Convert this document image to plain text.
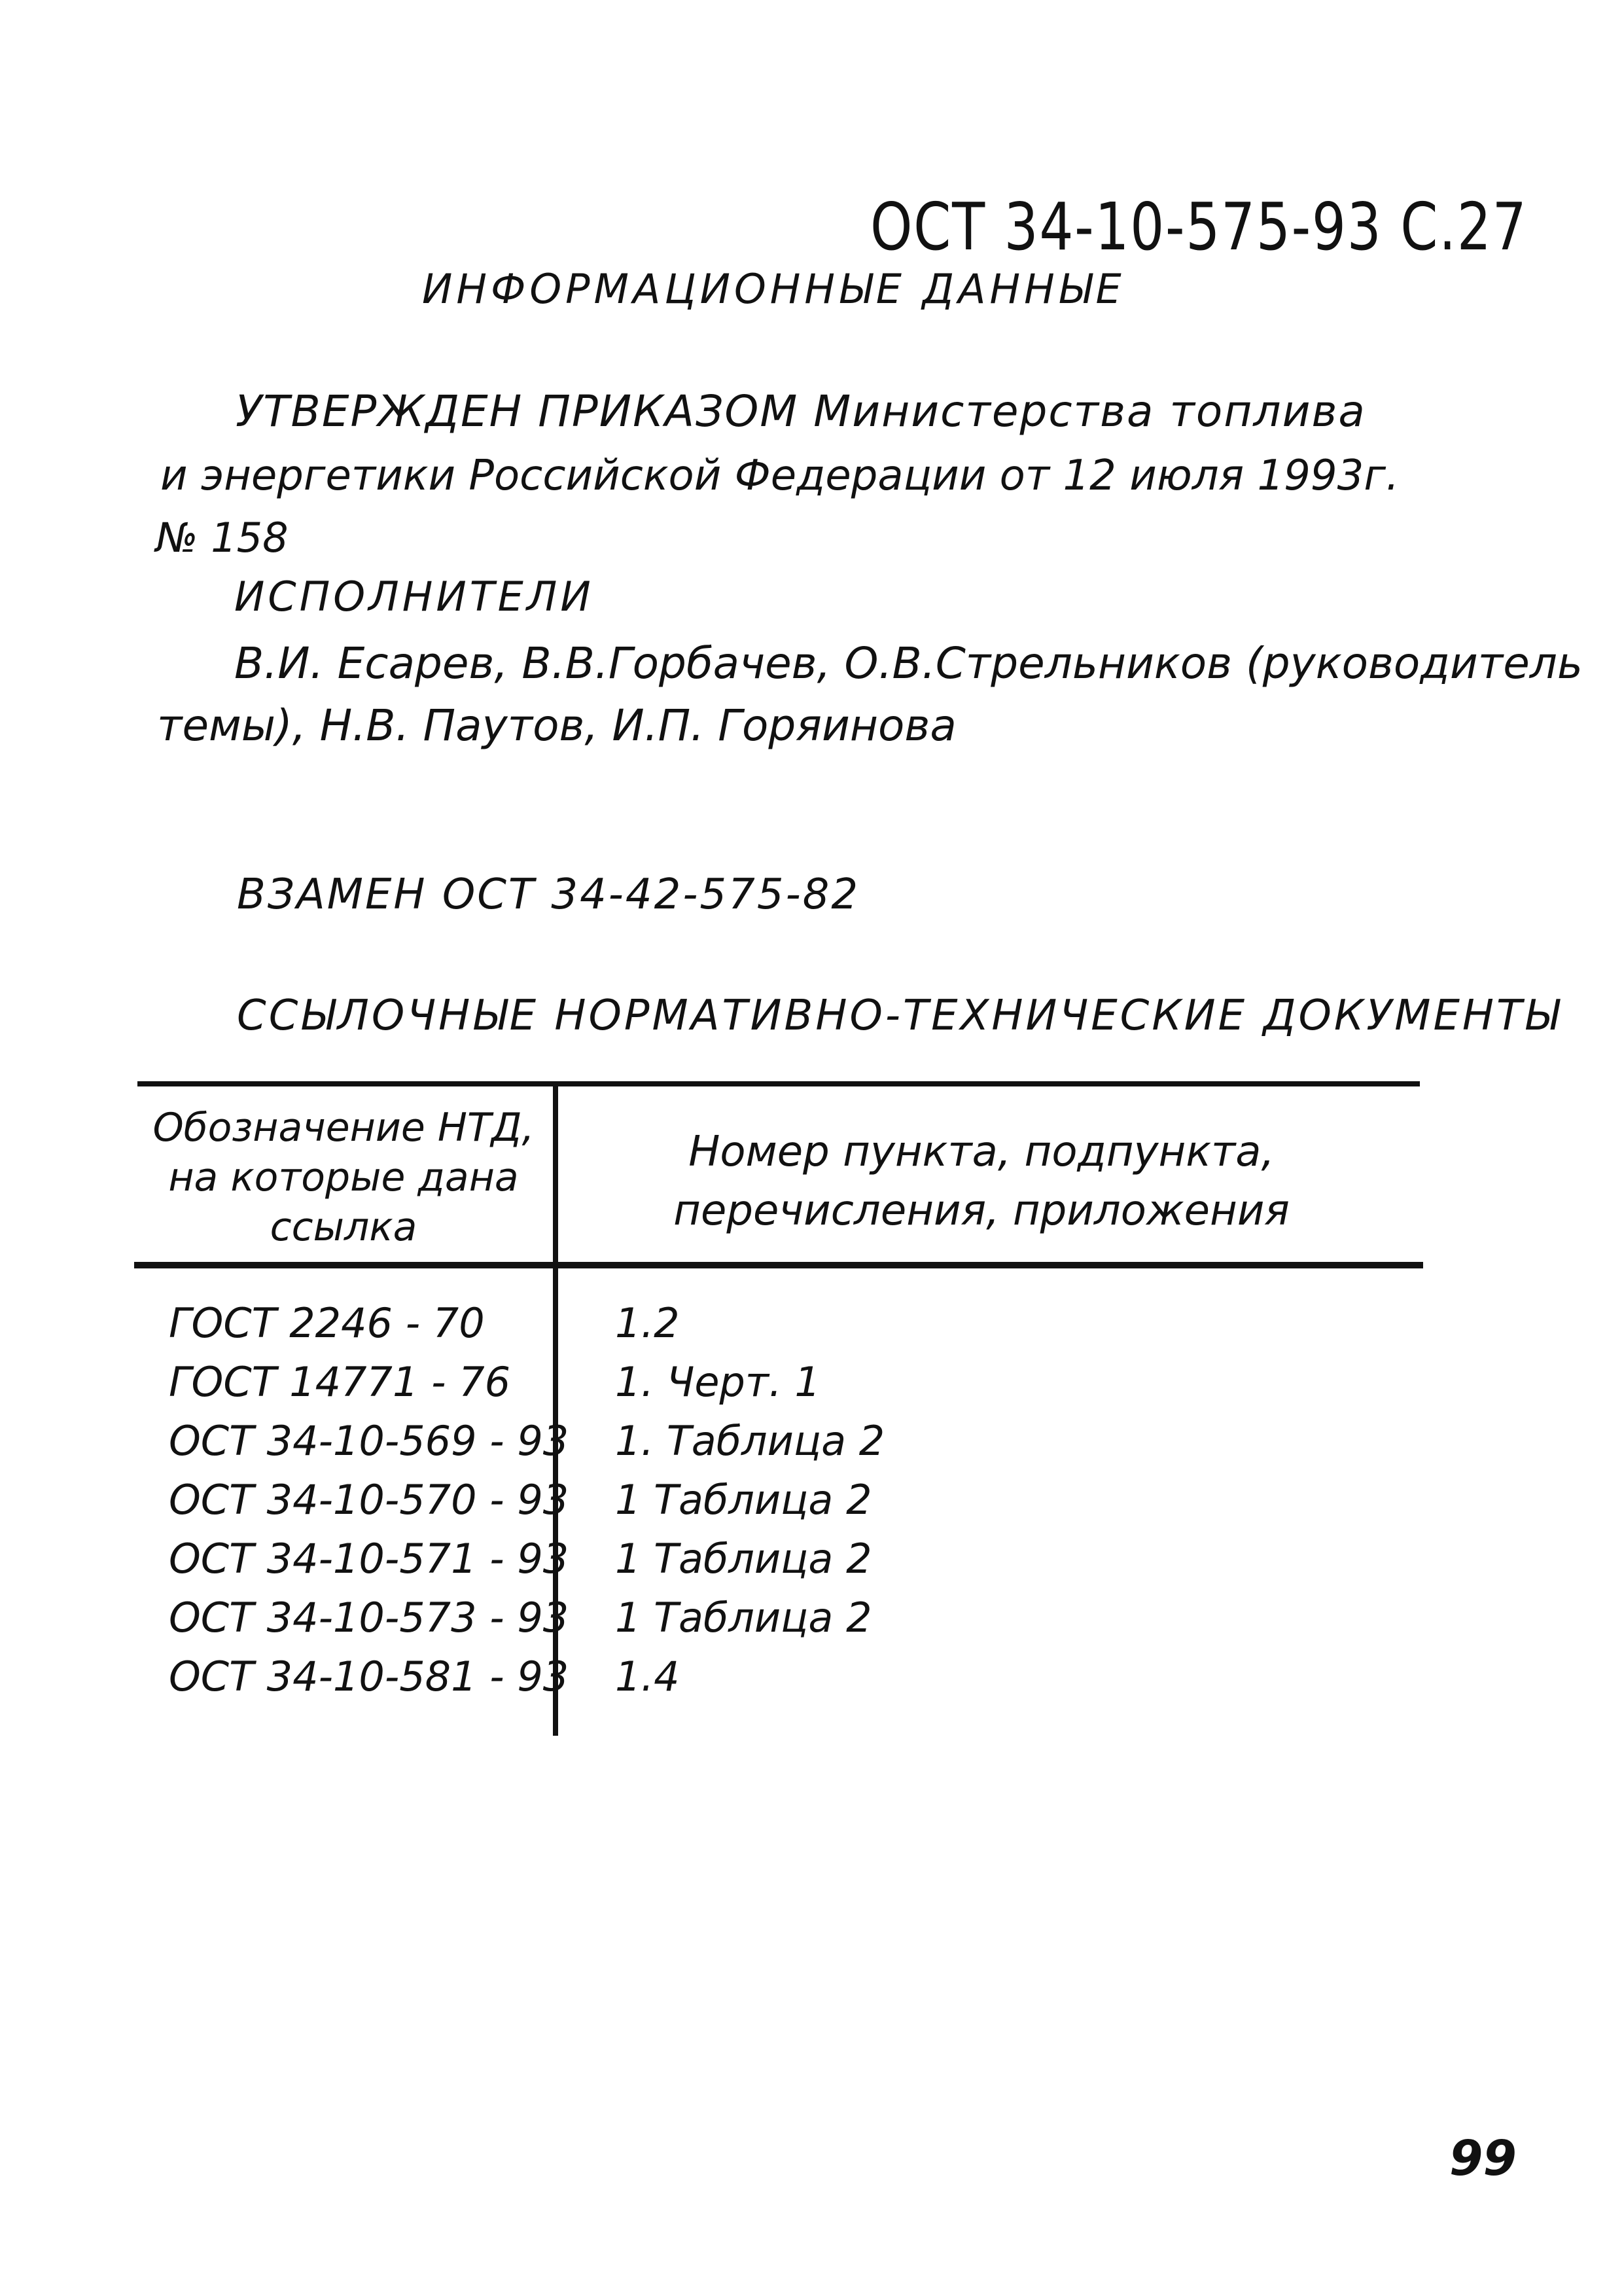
ОСТ 34-10-575-93 С.27
ИНФОРМАЦИОННЫЕ ДАННЫЕ
УТВЕРЖДЕН ПРИКАЗОМ Министерства топлива
и энергетики Российской Федерации от 12 июля 1993г.
№ 158
ИСПОЛНИТЕЛИ
В.И. Есарев, В.В.Горбачев, О.В.Стрельников (руководитель
темы), Н.В. Паутов, И.П. Горяинова
ВЗАМЕН ОСТ 34-42-575-82
ССЫЛОЧНЫЕ НОРМАТИВНО-ТЕХНИЧЕСКИЕ ДОКУМЕНТЫ
Обозначение НТД,
на которые дана
ссылка
Номер пункта, подпункта,
перечисления, приложения
ГОСТ 2246 - 70	1.2
ГОСТ 14771 - 76	1. Черт. 1
ОСТ 34-10-569 - 93 1. Таблица 2
ОСТ 34-10-570 - 93 1 Таблица 2
ОСТ 34-10-571 - 93 1 Таблица 2
ОСТ 34-10-573 - 93 1 Таблица 2
ОСТ 34-10-581 - 93 1.4
99
